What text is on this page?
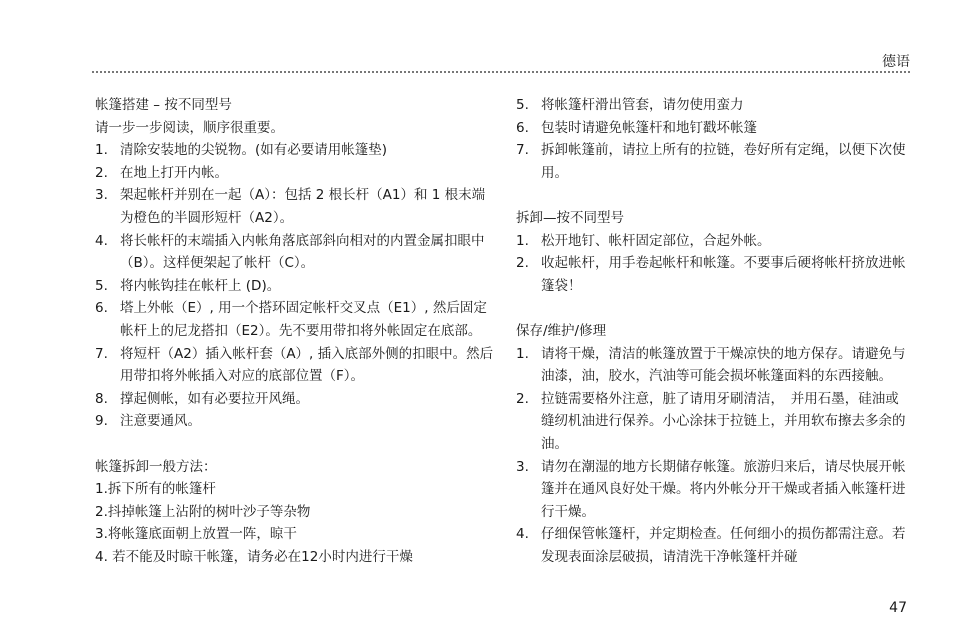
德语

帐篷搭建 – 按不同型号

请一步一步阅读，顺序很重要。

1. 清除安装地的尖锐物。(如有必要请用帐篷垫)
2. 在地上打开内帐。
3. 架起帐杆并别在一起（A）：包括 2 根长杆（A1）和 1 根末端为橙色的半圆形短杆（A2）。
4. 将长帐杆的末端插入内帐角落底部斜向相对的内置金属扣眼中（B）。这样便架起了帐杆（C）。
5. 将内帐钩挂在帐杆上 (D)。
6. 塔上外帐（E）, 用一个搭环固定帐杆交叉点（E1）, 然后固定帐杆上的尼龙搭扣（E2）。先不要用带扣将外帐固定在底部。
7. 将短杆（A2）插入帐杆套（A）, 插入底部外侧的扣眼中。然后用带扣将外帐插入对应的底部位置（F）。
8. 撑起侧帐，如有必要拉开风绳。
9. 注意要通风。

帐篷拆卸一般方法：

1.拆下所有的帐篷杆

2.抖掉帐篷上沾附的树叶沙子等杂物

3.将帐篷底面朝上放置一阵，晾干

4. 若不能及时晾干帐篷，请务必在12小时内进行干燥

5. 将帐篷杆滑出管套，请勿使用蛮力
6. 包装时请避免帐篷杆和地钉戳坏帐篷
7. 拆卸帐篷前，请拉上所有的拉链，卷好所有定绳，以便下次使用。

拆卸—按不同型号

1. 松开地钉、帐杆固定部位，合起外帐。
2. 收起帐杆，用手卷起帐杆和帐篷。不要事后硬将帐杆挤放进帐篷袋！

保存/维护/修理

1. 请将干燥，清洁的帐篷放置于干燥凉快的地方保存。请避免与油漆，油，胶水，汽油等可能会损坏帐篷面料的东西接触。
2. 拉链需要格外注意，脏了请用牙刷清洁，　并用石墨，硅油或缝纫机油进行保养。小心涂抹于拉链上，并用软布擦去多余的油。
3. 请勿在潮湿的地方长期储存帐篷。旅游归来后，请尽快展开帐篷并在通风良好处干燥。将内外帐分开干燥或者插入帐篷杆进行干燥。
4. 仔细保管帐篷杆，并定期检查。任何细小的损伤都需注意。若发现表面涂层破损，请清洗干净帐篷杆并碰
47
